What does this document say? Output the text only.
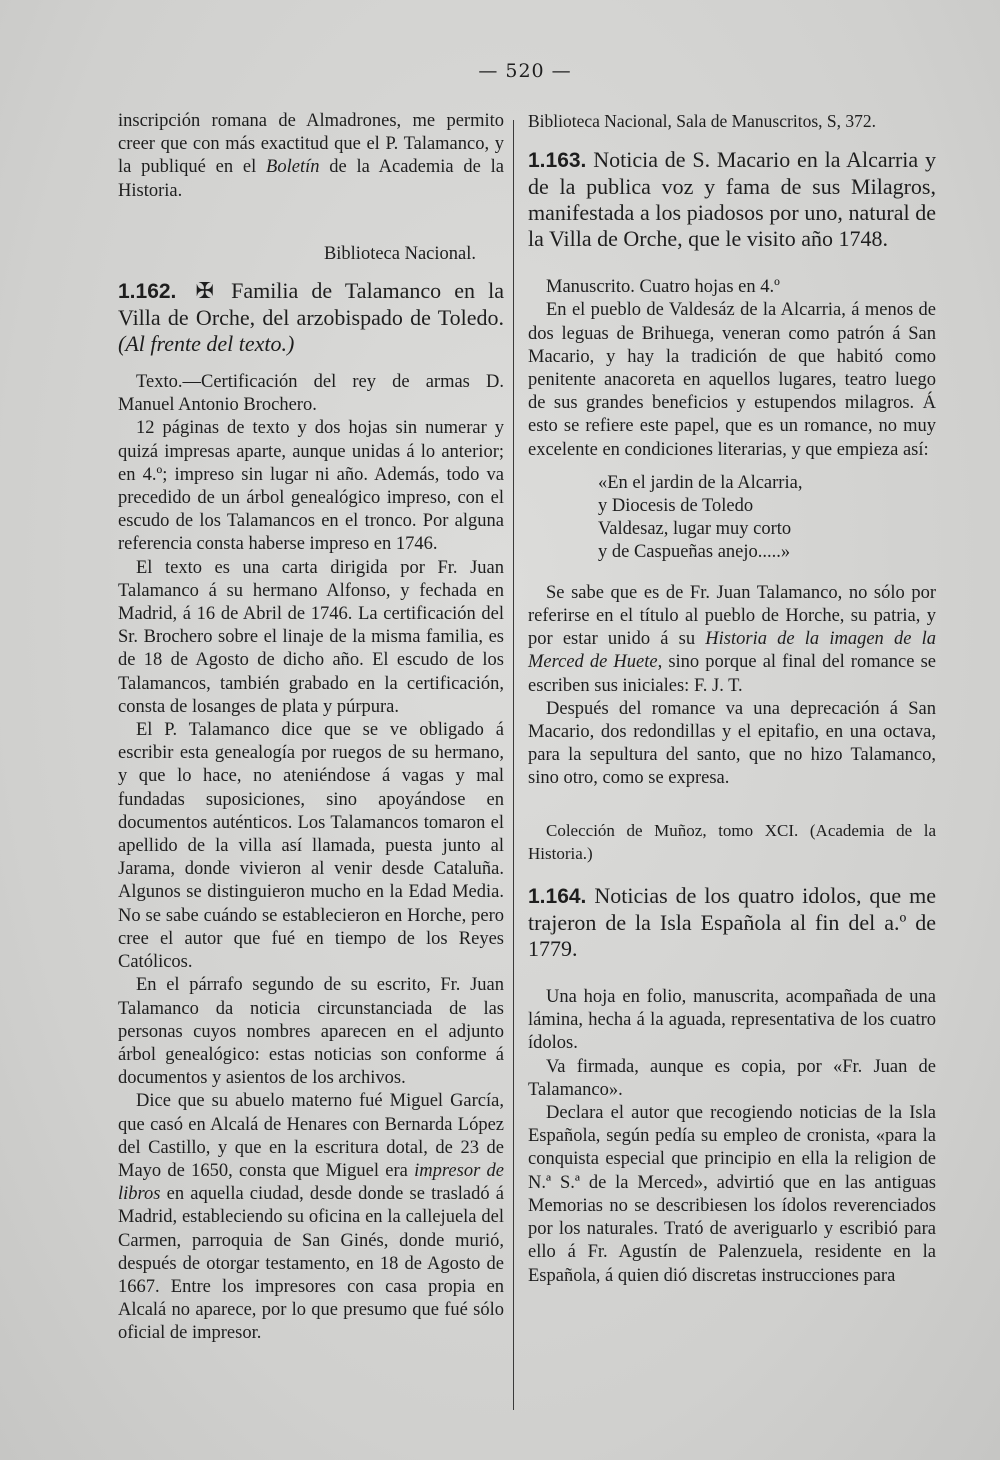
— 520 —

inscripción romana de Almadrones, me permito creer que con más exactitud que el P. Talamanco, y la publiqué en el Boletín de la Academia de la Historia.

Biblioteca Nacional.

1.162. ✠ Familia de Talamanco en la Villa de Orche, del arzobispado de Toledo. (Al frente del texto.)

Texto.—Certificación del rey de armas D. Manuel Antonio Brochero.

12 páginas de texto y dos hojas sin numerar y quizá impresas aparte, aunque unidas á lo anterior; en 4.º; impreso sin lugar ni año. Además, todo va precedido de un árbol genealógico impreso, con el escudo de los Talamancos en el tronco. Por alguna referencia consta haberse impreso en 1746.

El texto es una carta dirigida por Fr. Juan Talamanco á su hermano Alfonso, y fechada en Madrid, á 16 de Abril de 1746. La certificación del Sr. Brochero sobre el linaje de la misma familia, es de 18 de Agosto de dicho año. El escudo de los Talamancos, también grabado en la certificación, consta de losanges de plata y púrpura.

El P. Talamanco dice que se ve obligado á escribir esta genealogía por ruegos de su hermano, y que lo hace, no ateniéndose á vagas y mal fundadas suposiciones, sino apoyándose en documentos auténticos. Los Talamancos tomaron el apellido de la villa así llamada, puesta junto al Jarama, donde vivieron al venir desde Cataluña. Algunos se distinguieron mucho en la Edad Media. No se sabe cuándo se establecieron en Horche, pero cree el autor que fué en tiempo de los Reyes Católicos.

En el párrafo segundo de su escrito, Fr. Juan Talamanco da noticia circunstanciada de las personas cuyos nombres aparecen en el adjunto árbol genealógico: estas noticias son conforme á documentos y asientos de los archivos.

Dice que su abuelo materno fué Miguel García, que casó en Alcalá de Henares con Bernarda López del Castillo, y que en la escritura dotal, de 23 de Mayo de 1650, consta que Miguel era impresor de libros en aquella ciudad, desde donde se trasladó á Madrid, estableciendo su oficina en la callejuela del Carmen, parroquia de San Ginés, donde murió, después de otorgar testamento, en 18 de Agosto de 1667. Entre los impresores con casa propia en Alcalá no aparece, por lo que presumo que fué sólo oficial de impresor.

Biblioteca Nacional, Sala de Manuscritos, S, 372.

1.163. Noticia de S. Macario en la Alcarria y de la publica voz y fama de sus Milagros, manifestada a los piadosos por uno, natural de la Villa de Orche, que le visito año 1748.

Manuscrito. Cuatro hojas en 4.º

En el pueblo de Valdesáz de la Alcarria, á menos de dos leguas de Brihuega, veneran como patrón á San Macario, y hay la tradición de que habitó como penitente anacoreta en aquellos lugares, teatro luego de sus grandes beneficios y estupendos milagros. Á esto se refiere este papel, que es un romance, no muy excelente en condiciones literarias, y que empieza así:

«En el jardin de la Alcarria,
y Diocesis de Toledo
Valdesaz, lugar muy corto
y de Caspueñas anejo.....»

Se sabe que es de Fr. Juan Talamanco, no sólo por referirse en el título al pueblo de Horche, su patria, y por estar unido á su Historia de la imagen de la Merced de Huete, sino porque al final del romance se escriben sus iniciales: F. J. T.

Después del romance va una deprecación á San Macario, dos redondillas y el epitafio, en una octava, para la sepultura del santo, que no hizo Talamanco, sino otro, como se expresa.

Colección de Muñoz, tomo XCI. (Academia de la Historia.)

1.164. Noticias de los quatro idolos, que me trajeron de la Isla Española al fin del a.º de 1779.

Una hoja en folio, manuscrita, acompañada de una lámina, hecha á la aguada, representativa de los cuatro ídolos.

Va firmada, aunque es copia, por «Fr. Juan de Talamanco».

Declara el autor que recogiendo noticias de la Isla Española, según pedía su empleo de cronista, «para la conquista especial que principio en ella la religion de N.ª S.ª de la Merced», advirtió que en las antiguas Memorias no se describiesen los ídolos reverenciados por los naturales. Trató de averiguarlo y escribió para ello á Fr. Agustín de Palenzuela, residente en la Española, á quien dió discretas instrucciones para
